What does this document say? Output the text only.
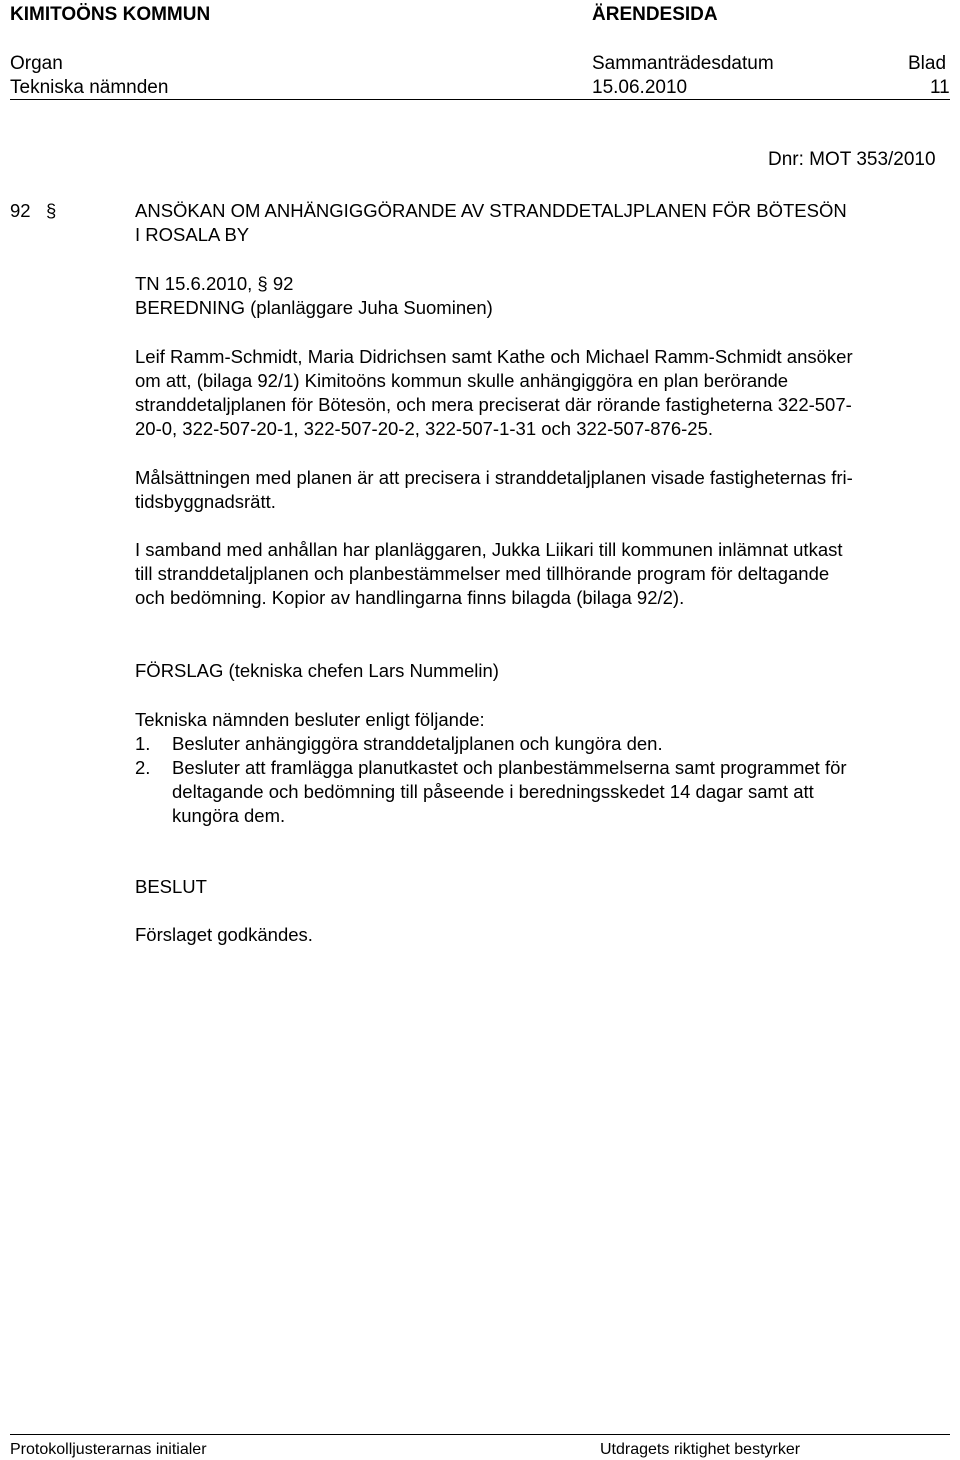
KIMITOÖNS KOMMUN	ÄRENDESIDA
Organ	Sammanträdesdatum	Blad
Tekniska nämnden	15.06.2010	11
Dnr: MOT 353/2010
92 §	ANSÖKAN OM ANHÄNGIGGÖRANDE AV STRANDDETALJPLANEN FÖR BÖTESÖN
I ROSALA BY
TN 15.6.2010, § 92
BEREDNING (planläggare Juha Suominen)

Leif Ramm-Schmidt, Maria Didrichsen samt Kathe och Michael Ramm-Schmidt ansöker

om att, (bilaga 92/1) Kimitoöns kommun skulle anhängiggöra en plan berörande

stranddetaljplanen för Bötesön, och mera preciserat där rörande fastigheterna 322-507-

20-0, 322-507-20-1, 322-507-20-2, 322-507-1-31 och 322-507-876-25.

Målsättningen med planen är att precisera i stranddetaljplanen visade fastigheternas fri-

tidsbyggnadsrätt.

I samband med anhållan har planläggaren, Jukka Liikari till kommunen inlämnat utkast

till stranddetaljplanen och planbestämmelser med tillhörande program för deltagande

och bedömning. Kopior av handlingarna finns bilagda (bilaga 92/2).

FÖRSLAG (tekniska chefen Lars Nummelin)
Tekniska nämnden besluter enligt följande:
1. Besluter anhängiggöra stranddetaljplanen och kungöra den.

2. Besluter att framlägga planutkastet och planbestämmelserna samt programmet för

deltagande och bedömning till påseende i beredningsskedet 14 dagar samt att

kungöra dem.

BESLUT
Förslaget godkändes.
Protokolljusterarnas initialer	Utdragets riktighet bestyrker
